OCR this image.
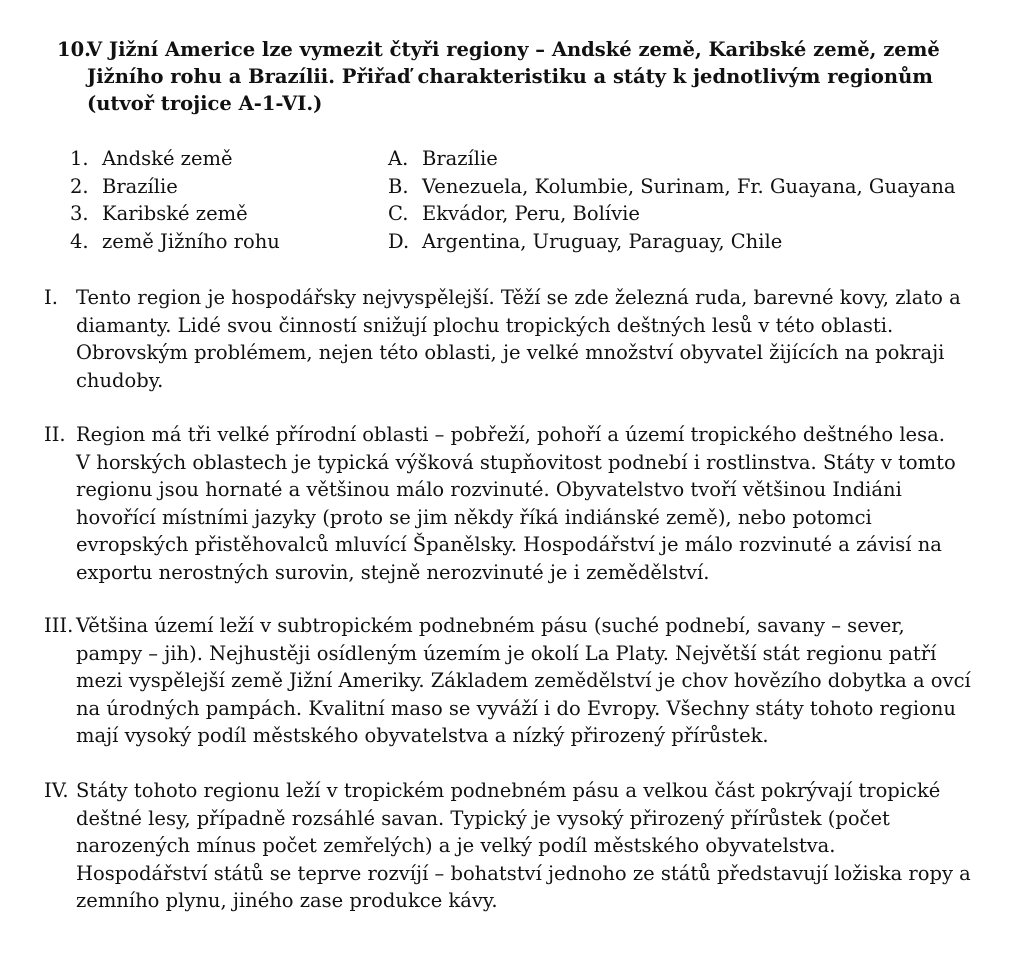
10.
V Jižní Americe lze vymezit čtyři regiony – Andské země, Karibské země, země
Jižního rohu a Brazílii. Přiřaď charakteristiku a státy k jednotlivým regionům
(utvoř trojice A-1-VI.)
1. Andské země
2. Brazílie
3. Karibské země
4. země Jižního rohu
A. Brazílie
B. Venezuela, Kolumbie, Surinam, Fr. Guayana, Guayana
C. Ekvádor, Peru, Bolívie
D. Argentina, Uruguay, Paraguay, Chile
I. Tento region je hospodářsky nejvyspělejší. Těží se zde železná ruda, barevné kovy, zlato a
diamanty. Lidé svou činností snižují plochu tropických deštných lesů v této oblasti.
Obrovským problémem, nejen této oblasti, je velké množství obyvatel žijících na pokraji
chudoby.
II. Region má tři velké přírodní oblasti – pobřeží, pohoří a území tropického deštného lesa.
V horských oblastech je typická výšková stupňovitost podnebí i rostlinstva. Státy v tomto
regionu jsou hornaté a většinou málo rozvinuté. Obyvatelstvo tvoří většinou Indiáni
hovořící místními jazyky (proto se jim někdy říká indiánské země), nebo potomci
evropských přistěhovalců mluvící Španělsky. Hospodářství je málo rozvinuté a závisí na
exportu nerostných surovin, stejně nerozvinuté je i zemědělství.
III. Většina území leží v subtropickém podnebném pásu (suché podnebí, savany – sever,
pampy – jih). Nejhustěji osídleným územím je okolí La Platy. Největší stát regionu patří
mezi vyspělejší země Jižní Ameriky. Základem zemědělství je chov hovězího dobytka a ovcí
na úrodných pampách. Kvalitní maso se vyváží i do Evropy. Všechny státy tohoto regionu
mají vysoký podíl městského obyvatelstva a nízký přirozený přírůstek.
IV. Státy tohoto regionu leží v tropickém podnebném pásu a velkou část pokrývají tropické
deštné lesy, případně rozsáhlé savan. Typický je vysoký přirozený přírůstek (počet
narozených mínus počet zemřelých) a je velký podíl městského obyvatelstva.
Hospodářství států se teprve rozvíjí – bohatství jednoho ze států představují ložiska ropy a
zemního plynu, jiného zase produkce kávy.
